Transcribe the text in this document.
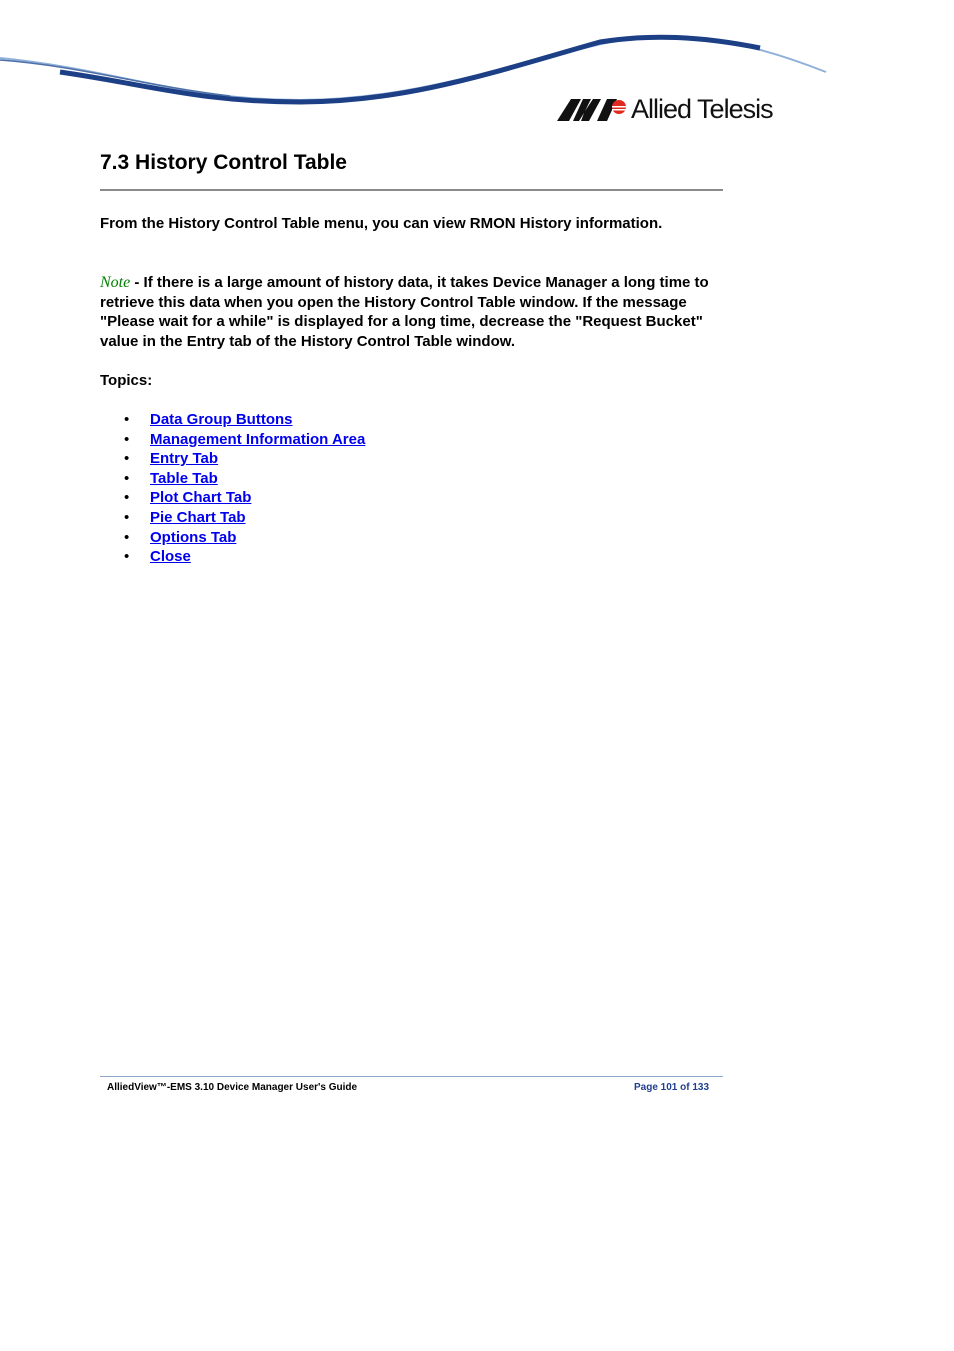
Allied Telesis
7.3 History Control Table

From the History Control Table menu, you can view RMON History information.

Note - If there is a large amount of history data, it takes Device Manager a long time to retrieve this data when you open the History Control Table window. If the message "Please wait for a while" is displayed for a long time, decrease the "Request Bucket" value in the Entry tab of the History Control Table window.

Topics:

• Data Group Buttons
• Management Information Area
• Entry Tab
• Table Tab
• Plot Chart Tab
• Pie Chart Tab
• Options Tab
• Close
AlliedView™-EMS 3.10 Device Manager User's Guide	Page 101 of 133
